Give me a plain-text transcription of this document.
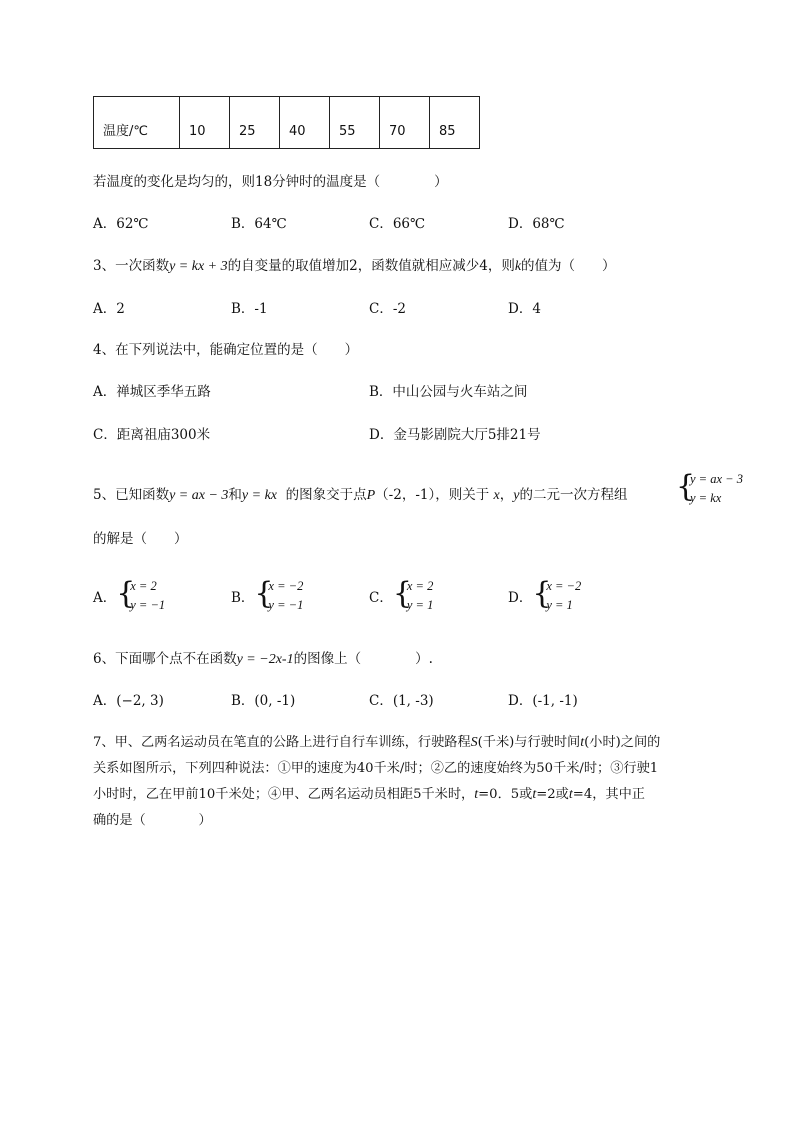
温度/℃	10	25	40	55	70	85
若温度的变化是均匀的，则18分钟时的温度是（　　　　）
A．62℃	B．64℃	C．66℃	D．68℃
3、一次函数y = kx + 3的自变量的取值增加2，函数值就相应减少4，则k的值为（　　）
A．2	B．-1	C．-2	D．4
4、在下列说法中，能确定位置的是（　　）
A．禅城区季华五路	B．中山公园与火车站之间
C．距离祖庙300米	D．金马影剧院大厅5排21号
5、已知函数y = ax − 3和y = kx 的图象交于点P（-2，-1），则关于 x，y的二元一次方程组 {
y = ax − 3
y = kx
的解是（　　）
A． {
x = 2
y = −1	B． {
x = −2
y = −1	C． {
x = 2
y = 1	D． {
x = −2
y = 1
6、下面哪个点不在函数y = −2x-1的图像上（　　　　）.
A．(−2, 3)	B．(0, -1)	C．(1, -3)	D．(-1, -1)
7、甲、乙两名运动员在笔直的公路上进行自行车训练，行驶路程S(千米)与行驶时间t(小时)之间的
关系如图所示，下列四种说法：①甲的速度为40千米/时；②乙的速度始终为50千米/时；③行驶1
小时时，乙在甲前10千米处；④甲、乙两名运动员相距5千米时，t=0．5或t=2或t=4，其中正
确的是（　　　　）
